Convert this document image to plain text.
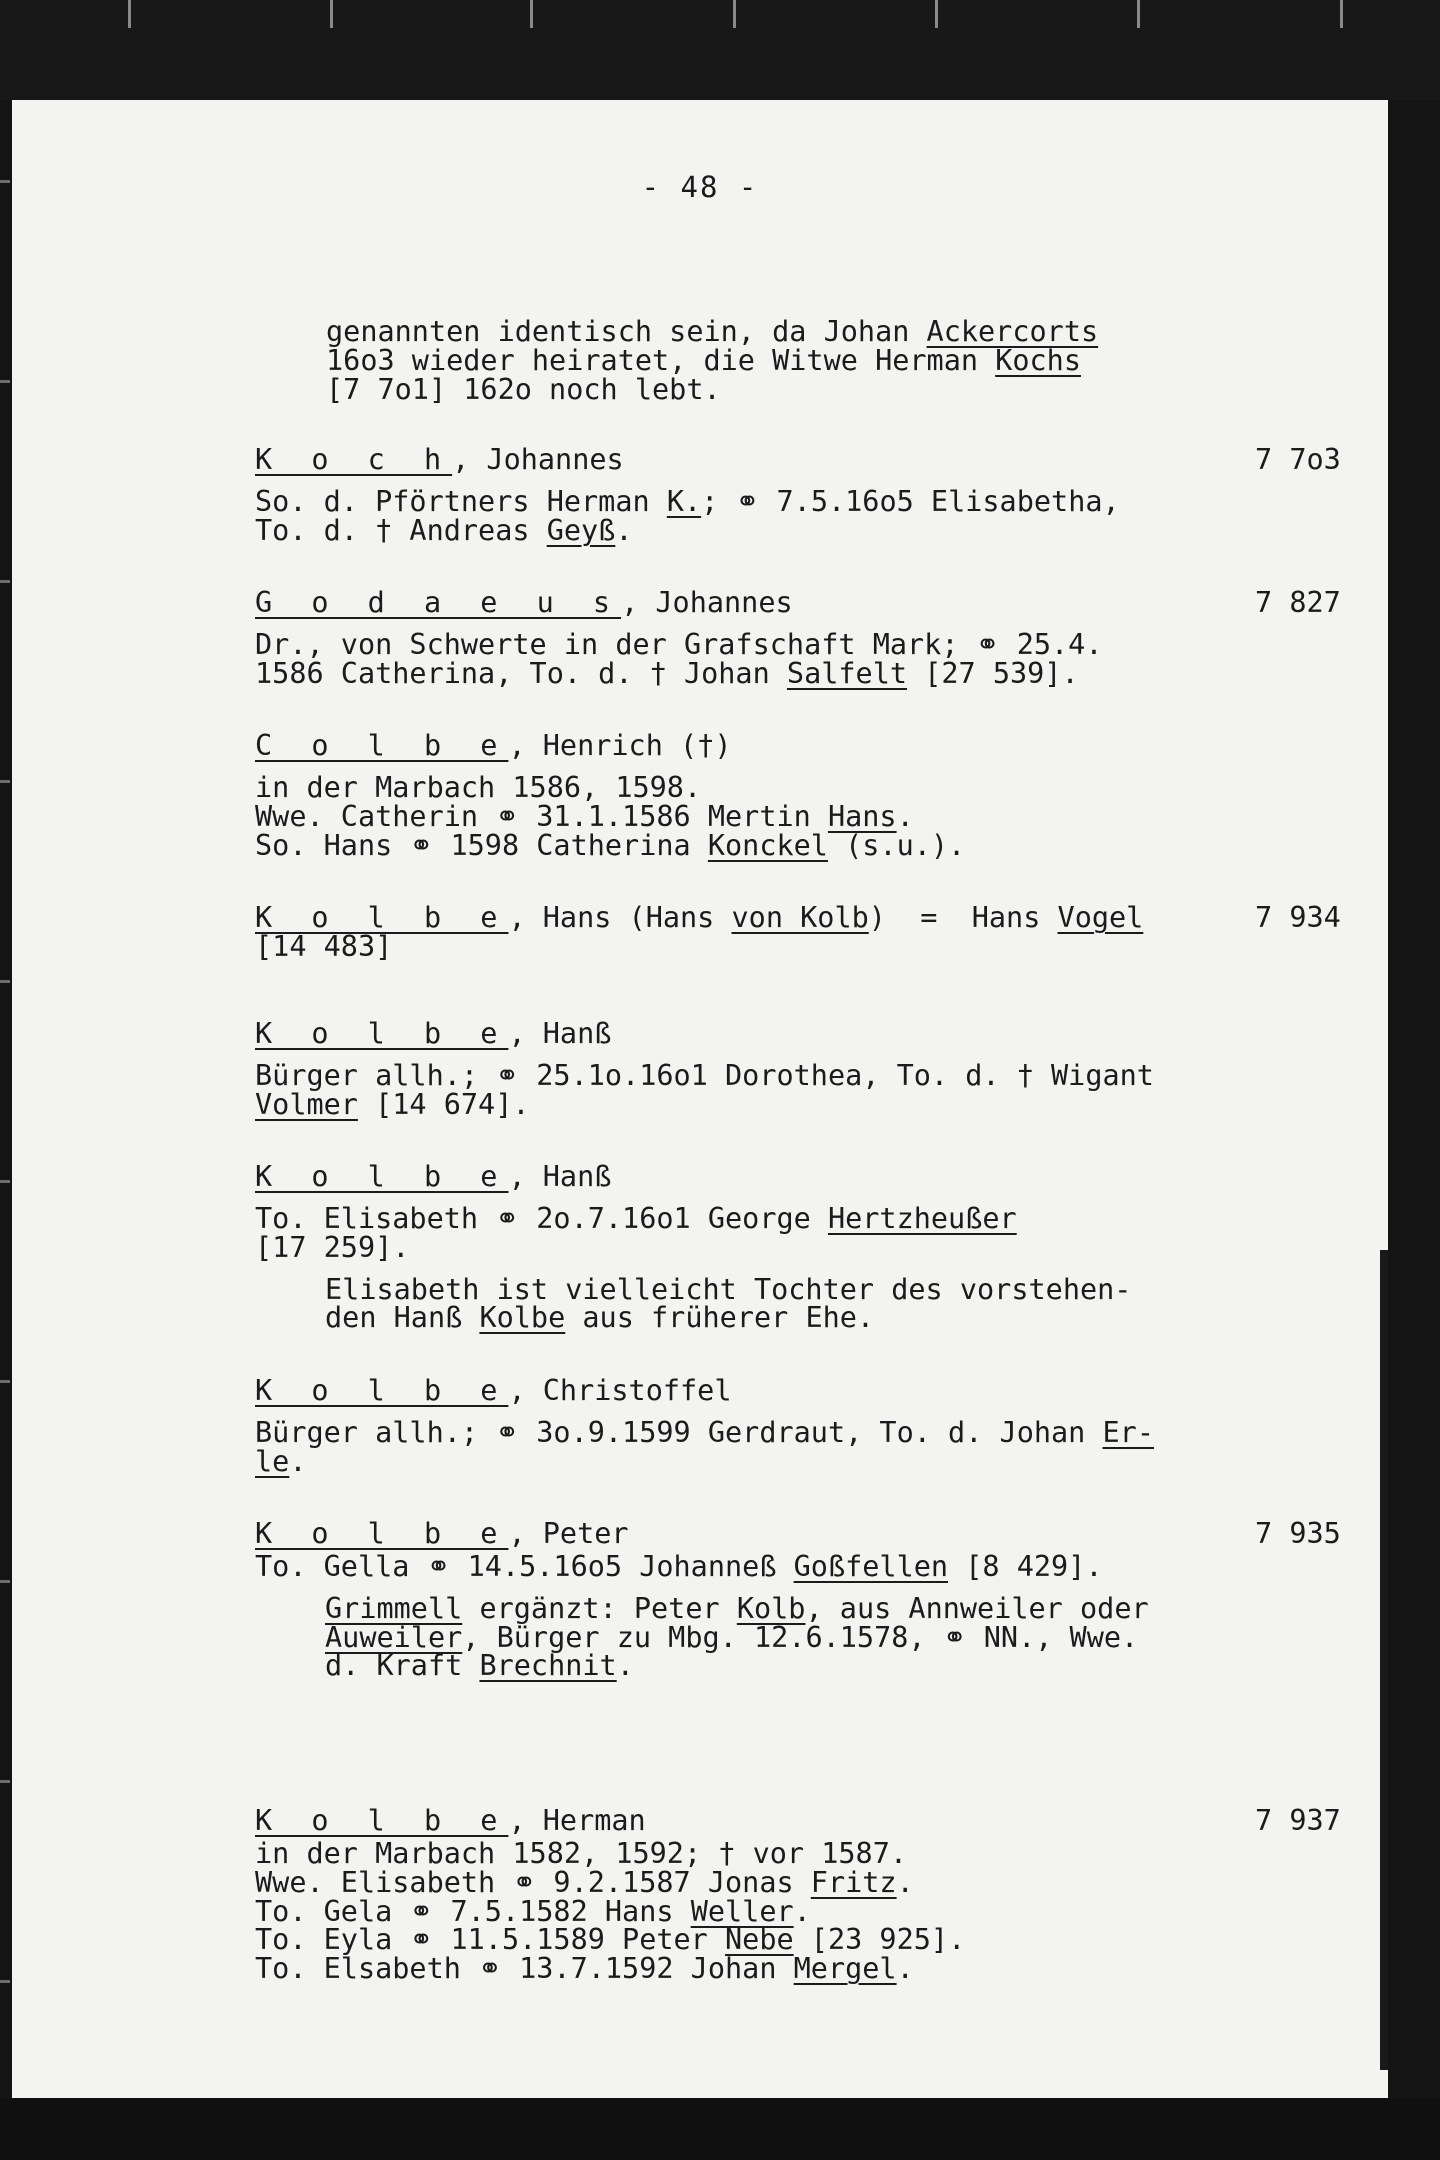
- 48 -
genannten identisch sein, da Johan Ackercorts
16o3 wieder heiratet, die Witwe Herman Kochs
[7 7o1] 162o noch lebt.
K o c h, Johannes	7 7o3
So. d. Pförtners Herman K.; ⚭ 7.5.16o5 Elisabetha,
To. d. † Andreas Geyß.
G o d a e u s, Johannes	7 827
Dr., von Schwerte in der Grafschaft Mark; ⚭ 25.4.
1586 Catherina, To. d. † Johan Salfelt [27 539].
C o l b e, Henrich (†)
in der Marbach 1586, 1598.
Wwe. Catherin ⚭ 31.1.1586 Mertin Hans.
So. Hans ⚭ 1598 Catherina Konckel (s.u.).
K o l b e, Hans (Hans von Kolb)  =  Hans Vogel	7 934
[14 483]
K o l b e, Hanß
Bürger allh.; ⚭ 25.1o.16o1 Dorothea, To. d. † Wigant
Volmer [14 674].
K o l b e, Hanß
To. Elisabeth ⚭ 2o.7.16o1 George Hertzheußer
[17 259].
Elisabeth ist vielleicht Tochter des vorstehen-
den Hanß Kolbe aus früherer Ehe.
K o l b e, Christoffel
Bürger allh.; ⚭ 3o.9.1599 Gerdraut, To. d. Johan Er-
le.
K o l b e, Peter	7 935
To. Gella ⚭ 14.5.16o5 Johanneß Goßfellen [8 429].
Grimmell ergänzt: Peter Kolb, aus Annweiler oder
Auweiler, Bürger zu Mbg. 12.6.1578, ⚭ NN., Wwe.
d. Kraft Brechnit.
K o l b e, Herman	7 937
in der Marbach 1582, 1592; † vor 1587.
Wwe. Elisabeth ⚭ 9.2.1587 Jonas Fritz.
To. Gela ⚭ 7.5.1582 Hans Weller.
To. Eyla ⚭ 11.5.1589 Peter Nebe [23 925].
To. Elsabeth ⚭ 13.7.1592 Johan Mergel.
